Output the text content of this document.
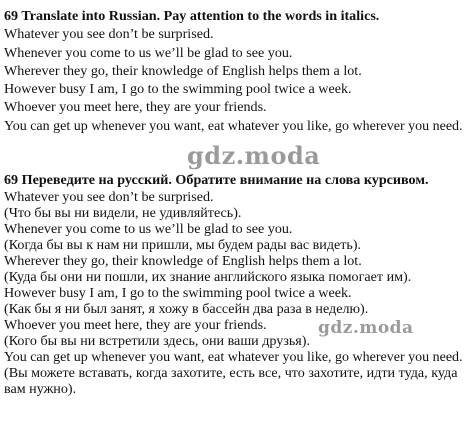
69 Translate into Russian. Pay attention to the words in italics.
Whatever you see don’t be surprised.
Whenever you come to us we’ll be glad to see you.
Wherever they go, their knowledge of English helps them a lot.
However busy I am, I go to the swimming pool twice a week.
Whoever you meet here, they are your friends.
You can get up whenever you want, eat whatever you like, go wherever you need.
gdz.moda
69 Переведите на русский. Обратите внимание на слова курсивом.
Whatever you see don’t be surprised.
(Что бы вы ни видели, не удивляйтесь).
Whenever you come to us we’ll be glad to see you.
(Когда бы вы к нам ни пришли, мы будем рады вас видеть).
Wherever they go, their knowledge of English helps them a lot.
(Куда бы они ни пошли, их знание английского языка помогает им).
However busy I am, I go to the swimming pool twice a week.
(Как бы я ни был занят, я хожу в бассейн два раза в неделю).
Whoever you meet here, they are your friends.
(Кого бы вы ни встретили здесь, они ваши друзья).
You can get up whenever you want, eat whatever you like, go wherever you need.
(Вы можете вставать, когда захотите, есть все, что захотите, идти туда, куда
вам нужно).
gdz.moda
